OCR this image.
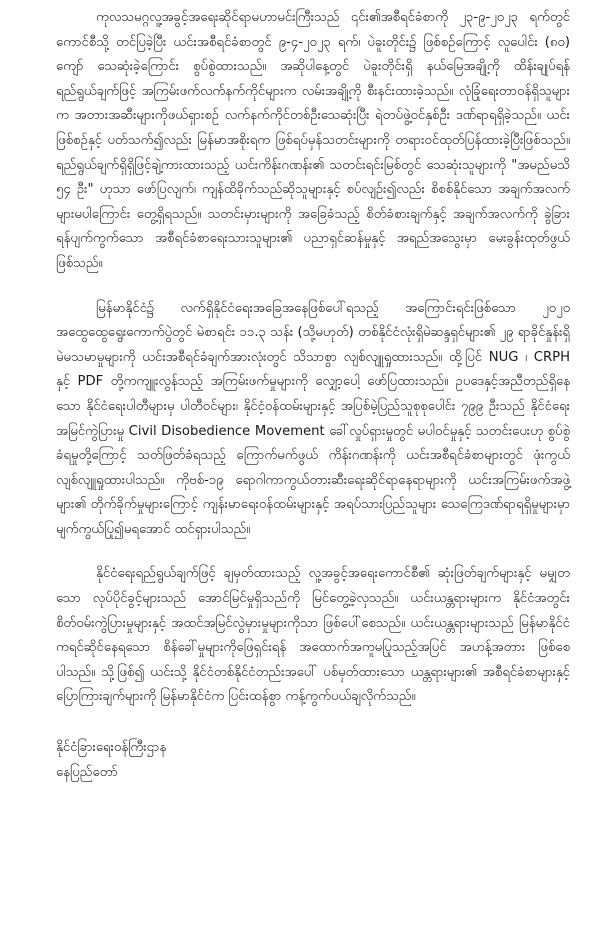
ကုလသမဂ္ဂလူ့အခွင့်အရေးဆိုင်ရာမဟာမင်းကြီးသည် ၎င်း၏အစီရင်ခံစာကို ၂၃-၉-၂၀၂၃ ရက်တွင် ကောင်စီသို့ တင်ပြခဲ့ပြီး ယင်းအစီရင်ခံစာတွင် ၉-၄-၂၀၂၃ ရက်၊ ပဲခူးတိုင်း၌ ဖြစ်စဉ်ကြောင့် လူပေါင်း (၈၀) ကျော် သေဆုံးခဲ့ကြောင်း စွပ်စွဲထားသည်။ အဆိုပါနေ့တွင် ပဲခူးတိုင်းရှိ နယ်မြေအချို့ကို ထိန်းချုပ်ရန်ရည်ရွယ်ချက်ဖြင့် အကြမ်းဖက်လက်နက်ကိုင်များက လမ်းအချို့ကို စီးနင်းထားခဲ့သည်။ လုံခြုံရေးတာဝန်ရှိသူများက အတားအဆီးများကိုဖယ်ရှားစဉ် လက်နက်ကိုင်တစ်ဦးသေဆုံးပြီး ရဲတပ်ဖွဲ့ဝင်နှစ်ဦး ဒဏ်ရာရရှိခဲ့သည်။ ယင်းဖြစ်စဉ်နှင့် ပတ်သက်၍လည်း မြန်မာအစိုးရက ဖြစ်ရပ်မှန်သတင်းများကို တရားဝင်ထုတ်ပြန်ထားခဲ့ပြီးဖြစ်သည်။ ရည်ရွယ်ချက်ရှိရှိဖြင့်ချဲ့ကားထားသည့် ယင်းကိန်းဂဏန်း၏ သတင်းရင်းမြစ်တွင် သေဆုံးသူများကို "အမည်မသိ ၅၄ ဦး" ဟုသာ ဖော်ပြလျက်၊ ကျန်ထိခိုက်သည်ဆိုသူများနှင့် စပ်လျဉ်း၍လည်း စိစစ်နိုင်သော အချက်အလက်များမပါကြောင်း တွေ့ရှိရသည်။ သတင်းမှားများကို အခြေခံသည့် စိတ်ခံစားချက်နှင့် အချက်အလက်ကို ခွဲခြားရန်ပျက်ကွက်သော အစီရင်ခံစာရေးသားသူများ၏ ပညာရှင်ဆန်မှုနှင့် အရည်အသွေးမှာ မေးခွန်းထုတ်ဖွယ် ဖြစ်သည်။

မြန်မာနိုင်ငံ၌ လက်ရှိနိုင်ငံရေးအခြေအနေဖြစ်ပေါ်ရသည့် အကြောင်းရင်းဖြစ်သော ၂၀၂၀ အထွေထွေရွေးကောက်ပွဲတွင် မဲစာရင်း ၁၁.၃ သန်း (သို့မဟုတ်) တစ်နိုင်ငံလုံးရှိမဲဆန္ဒရှင်များ၏ ၂၉ ရာခိုင်နှုန်းရှိ မဲမသမာမှုများကို ယင်းအစီရင်ခံချက်အားလုံးတွင် သိသာစွာ လျစ်လျူရှုထားသည်။ ထို့ပြင် NUG ၊ CRPH နှင့် PDF တို့ကကျူးလွန်သည့် အကြမ်းဖက်မှုများကို လျှော့ပေါ့ ဖော်ပြထားသည်။ ဥပဒေနှင့်အညီတည်ရှိနေသော နိုင်ငံရေးပါတီများမှ ပါတီဝင်များ၊ နိုင်ငံ့ဝန်ထမ်းများနှင့် အပြစ်မဲ့ပြည်သူစုစုပေါင်း ၇၉၉ ဦးသည် နိုင်ငံရေးအမြင်ကွဲပြားမှု Civil Disobedience Movement ခေါ်လှုပ်ရှားမှုတွင် မပါဝင်မှုနှင့် သတင်းပေးဟု စွပ်စွဲခံရမှုတို့ကြောင့် သတ်ဖြတ်ခံရသည့် ကြောက်မက်ဖွယ် ကိန်းဂဏန်းကို ယင်းအစီရင်ခံစာများတွင် ဖုံးကွယ်လျစ်လျူရှုထားပါသည်။ ကိုဗစ်-၁၉ ရောဂါကာကွယ်တားဆီးရေးဆိုင်ရာနေရာများကို ယင်းအကြမ်းဖက်အဖွဲ့များ၏ တိုက်ခိုက်မှုများကြောင့် ကျန်းမာရေးဝန်ထမ်းများနှင့် အရပ်သားပြည်သူများ သေကြေဒဏ်ရာရရှိမှုများမှာ မျက်ကွယ်ပြု၍မရအောင် ထင်ရှားပါသည်။

နိုင်ငံရေးရည်ရွယ်ချက်ဖြင့် ချမှတ်ထားသည့် လူ့အခွင့်အရေးကောင်စီ၏ ဆုံးဖြတ်ချက်များနှင့် မမျှတသော လုပ်ပိုင်ခွင့်များသည် အောင်မြင်မှုရှိသည်ကို မြင်တွေ့ခဲ့လှသည်။ ယင်းယန္တရားများက နိုင်ငံအတွင်း စိတ်ဝမ်းကွဲပြားမှုများနှင့် အထင်အမြင်လွဲမှားမှုများကိုသာ ဖြစ်ပေါ်စေသည်။ ယင်းယန္တရားများသည် မြန်မာနိုင်ငံကရင်ဆိုင်နေရသော စိန်ခေါ်မှုများကိုဖြေရှင်းရန် အထောက်အကူမပြုသည့်အပြင် အဟန့်အတား ဖြစ်စေပါသည်။ သို့ဖြစ်၍ ယင်းသို့ နိုင်ငံတစ်နိုင်ငံတည်းအပေါ် ပစ်မှတ်ထားသော ယန္တရားများ၏ အစီရင်ခံစာများနှင့် ပြောကြားချက်များကို မြန်မာနိုင်ငံက ပြင်းထန်စွာ ကန့်ကွက်ပယ်ချလိုက်သည်။

နိုင်ငံခြားရေးဝန်ကြီးဌာန
နေပြည်တော်
